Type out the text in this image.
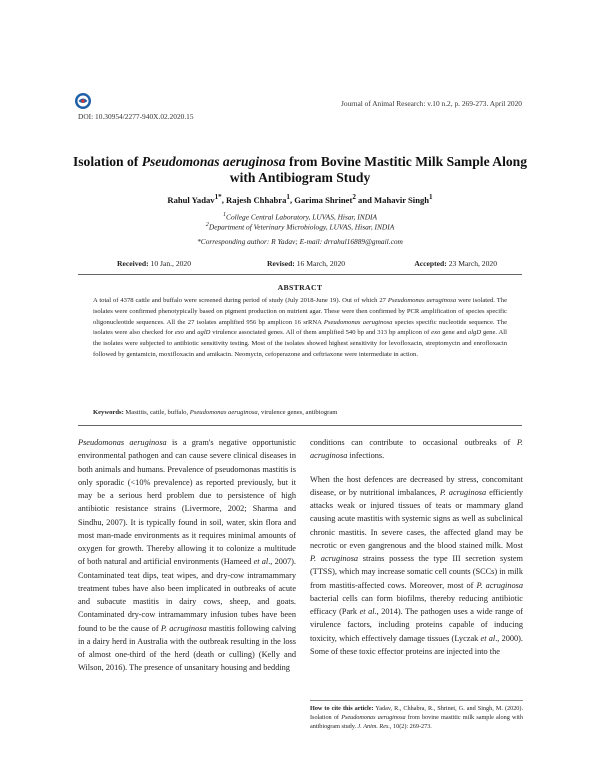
Journal of Animal Research: v.10 n.2, p. 269-273. April 2020
DOI: 10.30954/2277-940X.02.2020.15
Isolation of Pseudomonas aeruginosa from Bovine Mastitic Milk Sample Along with Antibiogram Study
Rahul Yadav$^{1*}$, Rajesh Chhabra$^1$, Garima Shrinet$^2$ and Mahavir Singh$^1$
$^1$College Central Laboratory, LUVAS, Hisar, INDIA
$^2$Department of Veterinary Microbiology, LUVAS, Hisar, INDIA
*Corresponding author: R Yadav; E-mail: drrahul16889@gmail.com
Received: 10 Jan., 2020	Revised: 16 March, 2020	Accepted: 23 March, 2020
ABSTRACT
A total of 4378 cattle and buffalo were screened during period of study (July 2018-June 19). Out of which 27 Pseudomonas aeruginosa were isolated. The isolates were confirmed phenotypically based on pigment production on nutrient agar. These were then confirmed by PCR amplification of species specific oligonucleotide sequences. All the 27 isolates amplified 956 bp amplicon 16 srRNA Pseudomonas aeruginosa species specific nucleotide sequence. The isolates were also checked for exo and aglD virulence associated genes. All of them amplified 540 bp and 313 bp amplicon of exo gene and algD gene. All the isolates were subjected to antibiotic sensitivity testing. Most of the isolates showed highest sensitivity for levofloxacin, streptomycin and enrofloxacin followed by gentamicin, moxifloxacin and amikacin. Neomycin, cefoperazone and ceftriaxone were intermediate in action.
Keywords: Mastitis, cattle, buffalo, Pseudomonas aeruginosa, virulence genes, antibiogram

Pseudomonas aeruginosa is a gram's negative opportunistic environmental pathogen and can cause severe clinical diseases in both animals and humans. Prevalence of pseudomonas mastitis is only sporadic (<10% prevalence) as reported previously, but it may be a serious herd problem due to persistence of high antibiotic resistance strains (Livermore, 2002; Sharma and Sindhu, 2007). It is typically found in soil, water, skin flora and most man-made environments as it requires minimal amounts of oxygen for growth. Thereby allowing it to colonize a multitude of both natural and artificial environments (Hameed et al., 2007). Contaminated teat dips, teat wipes, and dry-cow intramammary treatment tubes have also been implicated in outbreaks of acute and subacute mastitis in dairy cows, sheep, and goats. Contaminated dry-cow intramammary infusion tubes have been found to be the cause of P. acruginosa mastitis following calving in a dairy herd in Australia with the outbreak resulting in the loss of almost one-third of the herd (death or culling) (Kelly and Wilson, 2016). The presence of unsanitary housing and bedding

conditions can contribute to occasional outbreaks of P. acruginosa infections.

When the host defences are decreased by stress, concomitant disease, or by nutritional imbalances, P. acruginosa efficiently attacks weak or injured tissues of teats or mammary gland causing acute mastitis with systemic signs as well as subclinical chronic mastitis. In severe cases, the affected gland may be necrotic or even gangrenous and the blood stained milk. Most P. acruginosa strains possess the type III secretion system (TTSS), which may increase somatic cell counts (SCCs) in milk from mastitis-affected cows. Moreover, most of P. acruginosa bacterial cells can form biofilms, thereby reducing antibiotic efficacy (Park et al., 2014). The pathogen uses a wide range of virulence factors, including proteins capable of inducing toxicity, which effectively damage tissues (Lyczak et al., 2000). Some of these toxic effector proteins are injected into the

How to cite this article: Yadav, R., Chhabra, R., Shrinet, G. and Singh, M. (2020). Isolation of Pseudomonas aeruginosa from bovine mastitic milk sample along with antibiogram study. J. Anim. Res., 10(2): 269-273.
